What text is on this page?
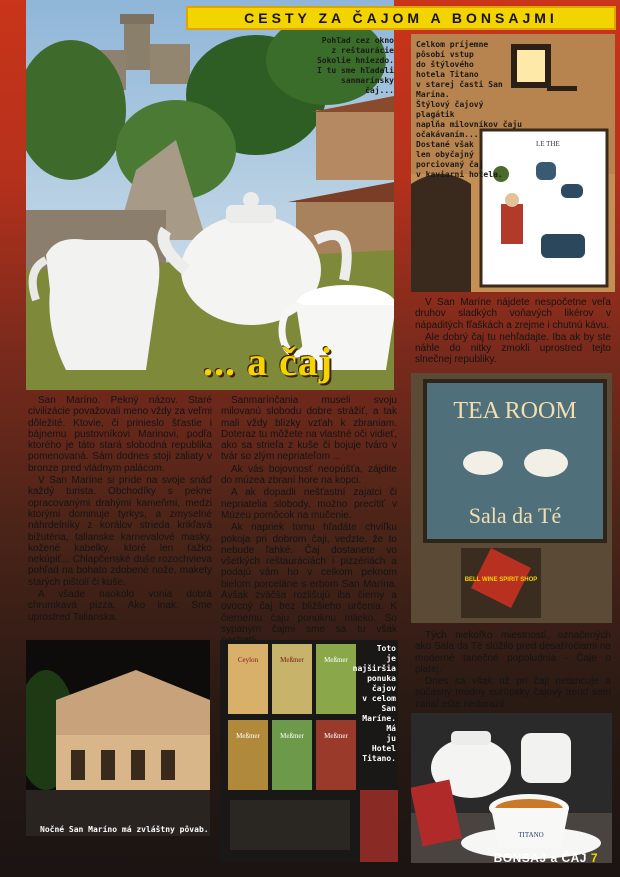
... a čaj
Pohľad cez okno
z reštaurácie
Sokolie hniezdo.
I tu sme hľadali
sanmarínsky
čaj...
CESTY ZA ČAJOM A BONSAJMI
LE THE
Celkom príjemne
pôsobí vstup
do štýlového
hotela Titano
v starej časti San Marína.
Štýlový čajový plagátik
napĺňa milovníkov čaju
očakávaním...
Dostané však
len obyčajný
porciovaný čaj
v kaviarni hotela.

V San Maríne nájdete nespočetne veľa druhov sladkých voňavých likérov v nápaditých fľaškách a zrejme i chutnú kávu.

Ale dobrý čaj tu nehľadajte. Iba ak by ste náhle do nitky zmokli uprostred tejto slnečnej republiky.

TEA ROOM
Sala da Té
BELL WINE SPIRIT SHOP

Tých niekoľko miestností, označených ako Sala da Té slúžilo pred desaťročiami na moderné tanečné popoludnia - Čaje o piatej.

Dnes sa však už pri čaji netancuje a súčasný módny európsky čajový trend sem zatiaľ ešte nedorazil.

San Maríno. Pekný názov. Staré civilizácie považovali meno vždy za veľmi dôležité. Ktovie, či prinieslo šťastie i bájnemu pustovníkovi Marinovi, podľa ktorého je táto stará slobodná republika pomenovaná. Sám dodnes stojí zaliaty v bronze pred vládnym palácom.

V San Maríne si príde na svoje snáď každý turista. Obchodíky s pekne opracovanými drahými kameňmi, medzi ktorými dominuje tyrkys, a zmyselné náhrdelníky z korálov strieda krikľavá bižutéria, talianske karnevalové masky, kožené kabelky, ktoré len ťažko nekúpiť... Chlapčenské duše rozochvieva pohľad na bohato zdobené nože, makety starých pištolí či kuše.

A všade naokolo vonia dobrá chrumkavá pizza. Ako inak. Sme uprostred Talianska.

Sanmarínčania museli svoju milovanú slobodu dobre strážiť, a tak mali vždy blízky vzťah k zbraniam. Doteraz tu môžete na vlastné oči vidieť, ako sa strieľa z kuše či bojuje tváro v tvár so zlým nepriateľom ...

Ak vás bojovnosť neopúšťa, zájdite do múzea zbraní hore na kopci.

A ak dopadli nešťastní zajatci či nepriatelia slobody, možno precítiť v Múzeu pomôcok na mučenie.

Ak napriek tomu hľadáte chvíľku pokoja pri dobrom čaji, vedzte, že to nebude ľahké. Čaj dostanete vo všetkých reštauráciách i pizzériách a podajú vám ho v celkom peknom bielom porceláne s erbom San Marína. Avšak zväčša rozlišujú iba čierny a ovocný čaj bez bližšieho určenia. K čiernemu čaju ponúknu mlieko. So sypaným čajmi sme sa tu však

Nočné San Maríno má zvláštny pôvab.
Ceylon	Meßmer	Meßmer
Meßmer	Meßmer	Meßmer
Toto
je
najširšia
ponuka
čajov
v celom
San
Maríne.
Má
ju
Hotel
Titano.
TITANO
BONSAJ a ČAJ 7
